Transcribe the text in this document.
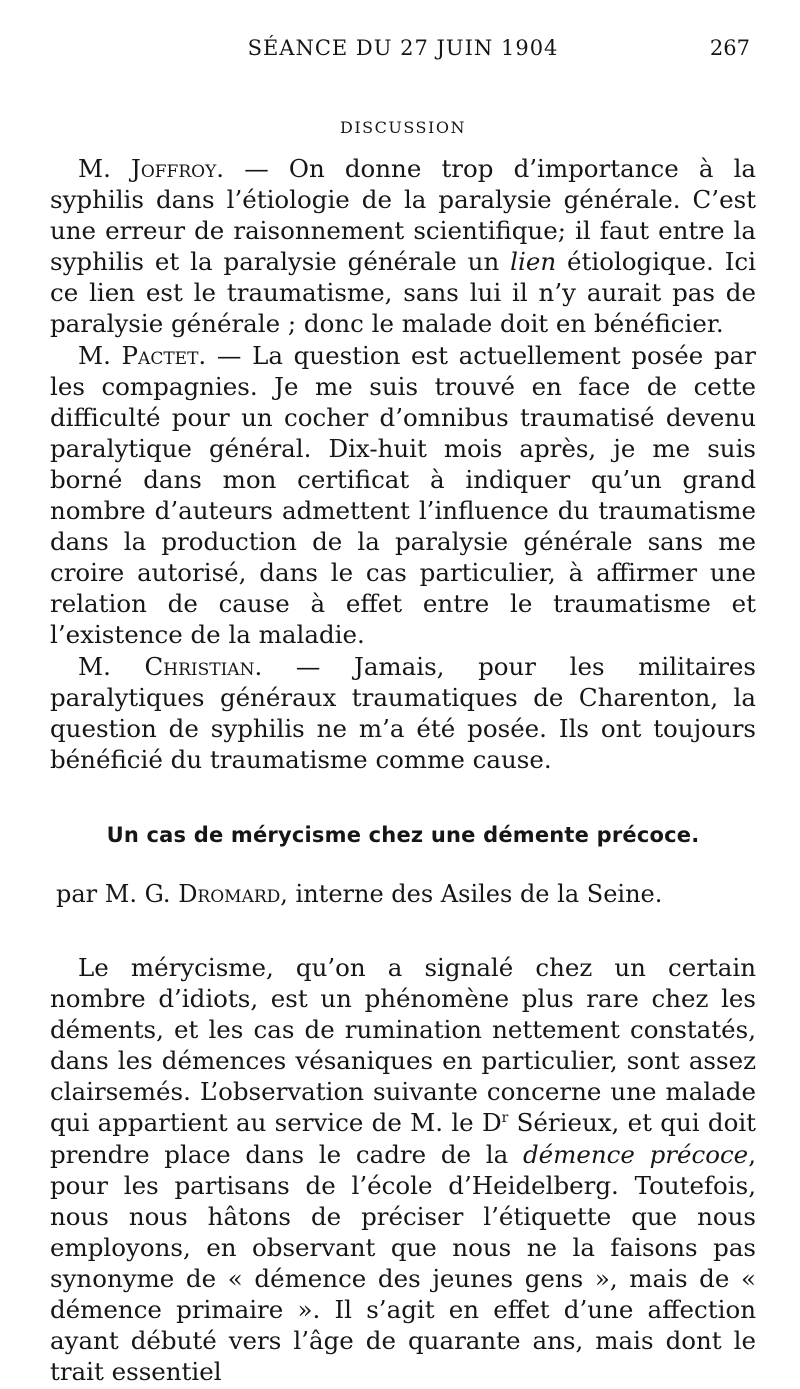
SÉANCE DU 27 JUIN 1904	267
DISCUSSION

M. Joffroy. — On donne trop d’importance à la syphilis dans l’étiologie de la paralysie générale. C’est une erreur de raisonnement scientifique; il faut entre la syphilis et la paralysie générale un lien étiologique. Ici ce lien est le traumatisme, sans lui il n’y aurait pas de paralysie générale ; donc le malade doit en bénéficier.

M. Pactet. — La question est actuellement posée par les compagnies. Je me suis trouvé en face de cette difficulté pour un cocher d’omnibus traumatisé devenu paralytique général. Dix-huit mois après, je me suis borné dans mon certificat à indiquer qu’un grand nombre d’auteurs admettent l’influence du traumatisme dans la production de la paralysie générale sans me croire autorisé, dans le cas particulier, à affirmer une relation de cause à effet entre le traumatisme et l’existence de la maladie.

M. Christian. — Jamais, pour les militaires paralytiques généraux traumatiques de Charenton, la question de syphilis ne m’a été posée. Ils ont toujours bénéficié du traumatisme comme cause.

Un cas de mérycisme chez une démente précoce.

par M. G. Dromard, interne des Asiles de la Seine.

Le mérycisme, qu’on a signalé chez un certain nombre d’idiots, est un phénomène plus rare chez les déments, et les cas de rumination nettement constatés, dans les démences vésaniques en particulier, sont assez clairsemés. L’observation suivante concerne une malade qui appartient au service de M. le $D^r$ Sérieux, et qui doit prendre place dans le cadre de la démence précoce, pour les partisans de l’école d’Heidelberg. Toutefois, nous nous hâtons de préciser l’étiquette que nous employons, en observant que nous ne la faisons pas synonyme de « démence des jeunes gens », mais de « démence primaire ». Il s’agit en effet d’une affection ayant débuté vers l’âge de quarante ans, mais dont le trait essentiel
